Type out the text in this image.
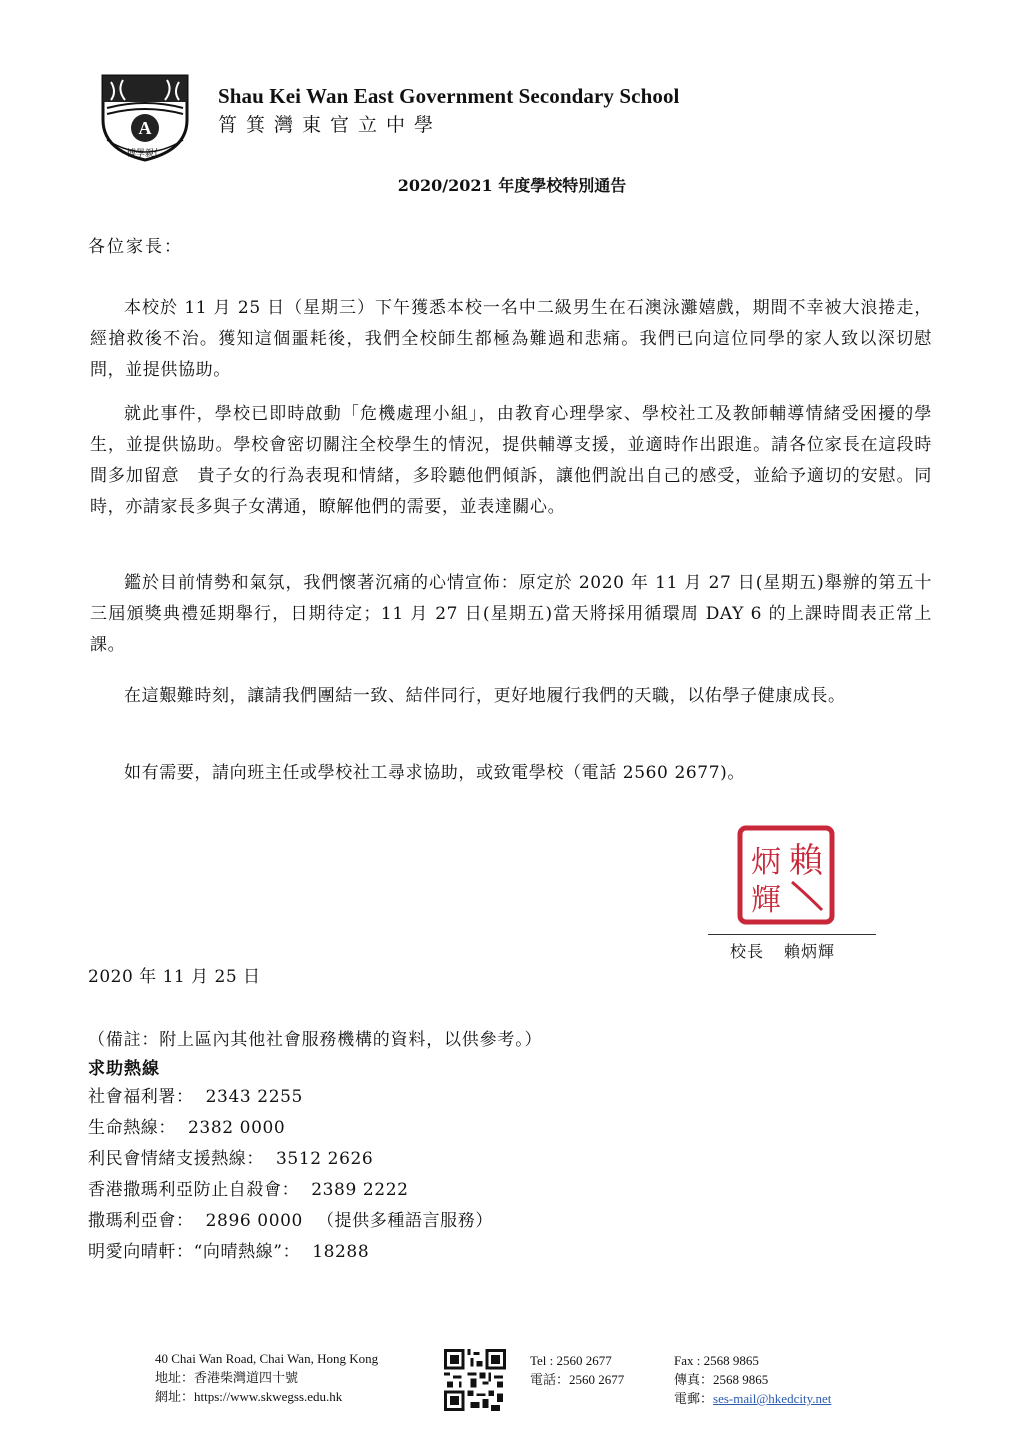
A
博學親仁
Shau Kei Wan East Government Secondary School
筲箕灣東官立中學
2020/2021 年度學校特別通告
各位家長：
本校於 11 月 25 日（星期三）下午獲悉本校一名中二級男生在石澳泳灘嬉戲，期間不幸被大浪捲走，經搶救後不治。獲知這個噩耗後，我們全校師生都極為難過和悲痛。我們已向這位同學的家人致以深切慰問，並提供協助。
就此事件，學校已即時啟動「危機處理小組」，由教育心理學家、學校社工及教師輔導情緒受困擾的學生，並提供協助。學校會密切關注全校學生的情況，提供輔導支援，並適時作出跟進。請各位家長在這段時間多加留意　貴子女的行為表現和情緒，多聆聽他們傾訴，讓他們說出自己的感受，並給予適切的安慰。同時，亦請家長多與子女溝通，瞭解他們的需要，並表達關心。
鑑於目前情勢和氣氛，我們懷著沉痛的心情宣佈：原定於 2020 年 11 月 27 日(星期五)舉辦的第五十三屆頒獎典禮延期舉行，日期待定；11 月 27 日(星期五)當天將採用循環周 DAY 6 的上課時間表正常上課。
在這艱難時刻，讓請我們團結一致、結伴同行，更好地履行我們的天職，以佑學子健康成長。
如有需要，請向班主任或學校社工尋求協助，或致電學校（電話 2560 2677)。
賴
炳
輝
校長 賴炳輝
2020 年 11 月 25 日
（備註：附上區內其他社會服務機構的資料，以供參考。）
求助熱線
社會福利署： 2343 2255
生命熱線： 2382 0000
利民會情緒支援熱線： 3512 2626
香港撒瑪利亞防止自殺會： 2389 2222
撒瑪利亞會： 2896 0000 （提供多種語言服務）
明愛向晴軒：“向晴熱線”： 18288
40 Chai Wan Road, Chai Wan, Hong Kong
地址：香港柴灣道四十號
網址：https://www.skwegss.edu.hk
Tel : 2560 2677
電話：2560 2677
Fax : 2568 9865
傳真：2568 9865
電郵：ses-mail@hkedcity.net
